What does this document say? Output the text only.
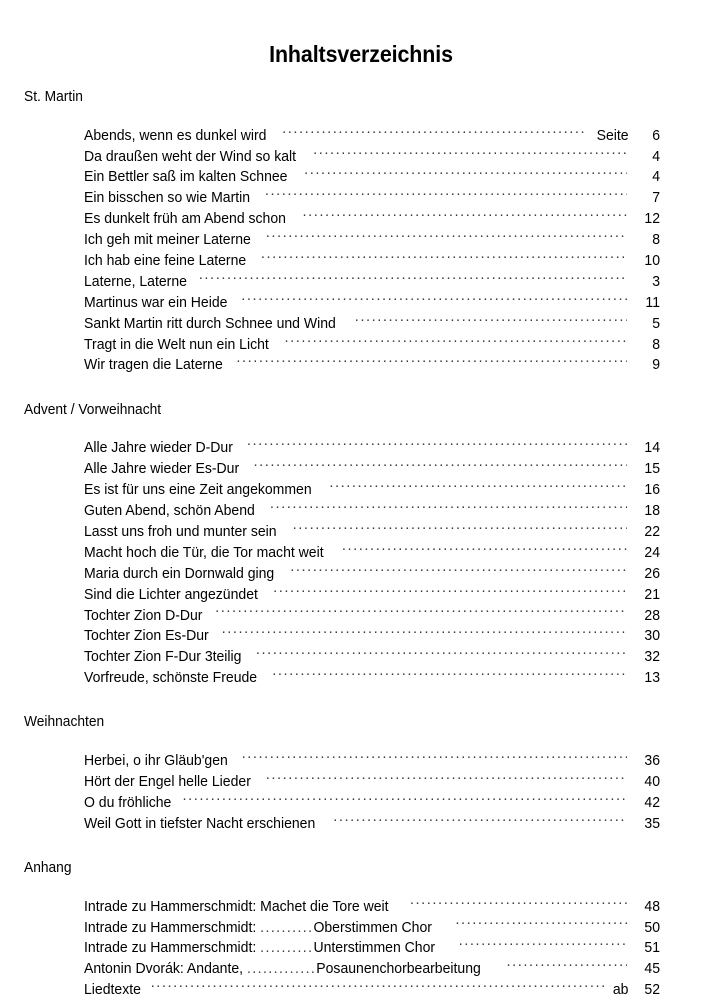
Inhaltsverzeichnis
St. Martin
Abends, wenn es dunkel wird .....	Seite	6
Da draußen weht der Wind so kalt .....	4
Ein Bettler saß im kalten Schnee .....	4
Ein bisschen so wie Martin .....	7
Es dunkelt früh am Abend schon .....	12
Ich geh mit meiner Laterne .....	8
Ich hab eine feine Laterne .....	10
Laterne, Laterne .....	3
Martinus war ein Heide .....	11
Sankt Martin ritt durch Schnee und Wind .....	5
Tragt in die Welt nun ein Licht .....	8
Wir tragen die Laterne .....	9
Advent / Vorweihnacht
Alle Jahre wieder D-Dur .....	14
Alle Jahre wieder Es-Dur .....	15
Es ist für uns eine Zeit angekommen .....	16
Guten Abend, schön Abend .....	18
Lasst uns froh und munter sein .....	22
Macht hoch die Tür, die Tor macht weit .....	24
Maria durch ein Dornwald ging .....	26
Sind die Lichter angezündet .....	21
Tochter Zion D-Dur .....	28
Tochter Zion Es-Dur .....	30
Tochter Zion F-Dur 3teilig .....	32
Vorfreude, schönste Freude .....	13
Weihnachten
Herbei, o ihr Gläub'gen .....	36
Hört der Engel helle Lieder .....	40
O du fröhliche .....	42
Weil Gott in tiefster Nacht erschienen .....	35
Anhang
Intrade zu Hammerschmidt: Machet die Tore weit .....	48
Intrade zu Hammerschmidt: ..........Oberstimmen Chor .....	50
Intrade zu Hammerschmidt: ..........Unterstimmen Chor .....	51
Antonin Dvorák: Andante, .............Posaunenchorbearbeitung .....	45
Liedtexte .....	ab	52
